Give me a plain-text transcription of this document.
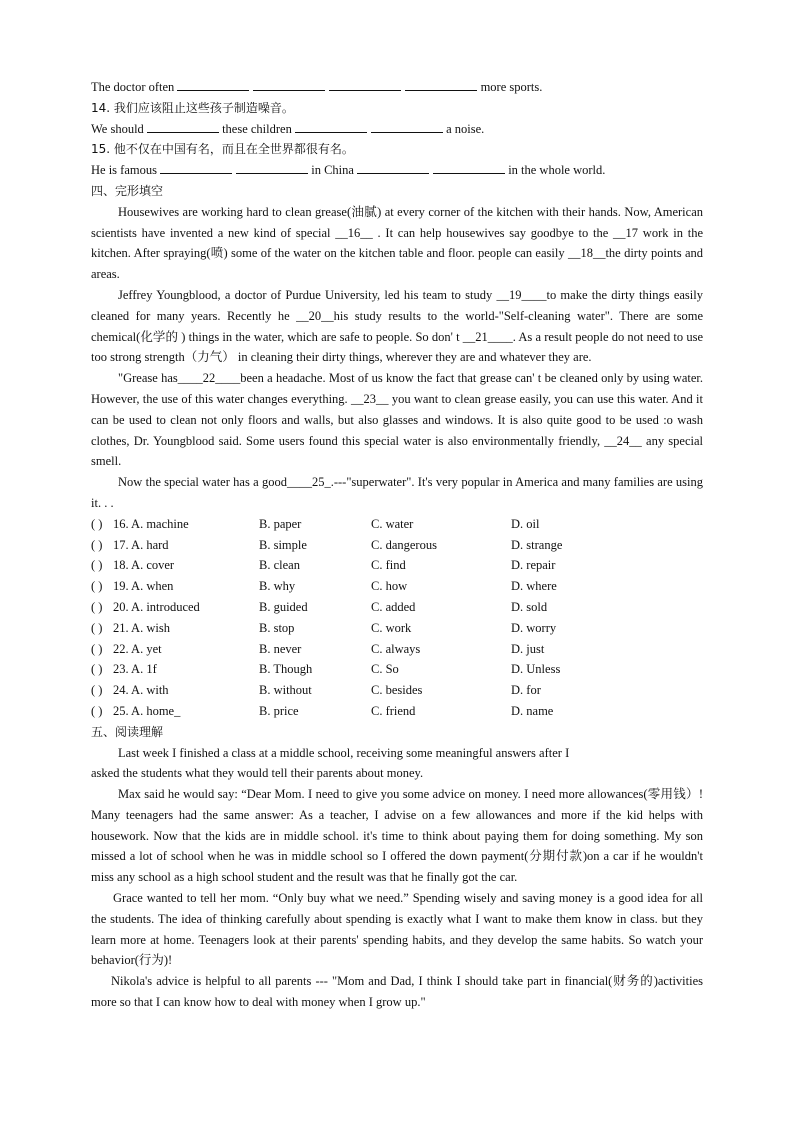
The doctor often	more sports.
14. 我们应该阻止这些孩子制造噪音。
We should	these children	a noise.
15. 他不仅在中国有名，而且在全世界都很有名。
He is famous	in China	in the whole world.
四、完形填空
Housewives are working hard to clean grease(油腻) at every corner of the kitchen with their hands. Now, American scientists have invented a new kind of special __16__ . It can help housewives say goodbye to the __17 work in the kitchen. After spraying(喷) some of the water on the kitchen table and floor. people can easily __18__the dirty points and areas.
Jeffrey Youngblood, a doctor of Purdue University, led his team to study __19____to make the dirty things easily cleaned for many years. Recently he __20__his study results to the world-"Self-cleaning water". There are some chemical(化学的 ) things in the water, which are safe to people. So don' t __21____. As a result people do not need to use too strong strength（力气） in cleaning their dirty things, wherever they are and whatever they are.
"Grease has____22____been a headache. Most of us know the fact that grease can' t be cleaned only by using water. However, the use of this water changes everything. __23__ you want to clean grease easily, you can use this water. And it can be used to clean not only floors and walls, but also glasses and windows. It is also quite good to be used :o wash clothes, Dr. Youngblood said. Some users found this special water is also environmentally friendly, __24__ any special smell.
Now the special water has a good____25_.---"superwater". It's very popular in America and many families are using it. . .
( ) 16. A. machine	B. paper	C. water	D. oil
( ) 17. A. hard	B. simple	C. dangerous	D. strange
( ) 18. A. cover	B. clean	C. find	D. repair
( ) 19. A. when	B. why	C. how	D. where
( ) 20. A. introduced	B. guided	C. added	D. sold
( ) 21. A. wish	B. stop	C. work	D. worry
( ) 22. A. yet	B. never	C. always	D. just
( ) 23. A. 1f	B. Though	C. So	D. Unless
( ) 24. A. with	B. without	C. besides	D. for
( ) 25. A. home_	B. price	C. friend	D. name
五、阅读理解
Last week I finished a class at a middle school, receiving some meaningful answers after I
asked the students what they would tell their parents about money.
Max said he would say: “Dear Mom. I need to give you some advice on money. I need more allowances(零用钱）! Many teenagers had the same answer: As a teacher, I advise on a few allowances and more if the kid helps with housework. Now that the kids are in middle school. it's time to think about paying them for doing something. My son missed a lot of school when he was in middle school so I offered the down payment(分期付款)on a car if he wouldn't miss any school as a high school student and the result was that he finally got the car.
Grace wanted to tell her mom. “Only buy what we need.” Spending wisely and saving money is a good idea for all the students. The idea of thinking carefully about spending is exactly what I want to make them know in class. but they learn more at home. Teenagers look at their parents' spending habits, and they develop the same habits. So watch your behavior(行为)!
Nikola's advice is helpful to all parents --- "Mom and Dad, I think I should take part in financial(财务的)activities more so that I can know how to deal with money when I grow up."
